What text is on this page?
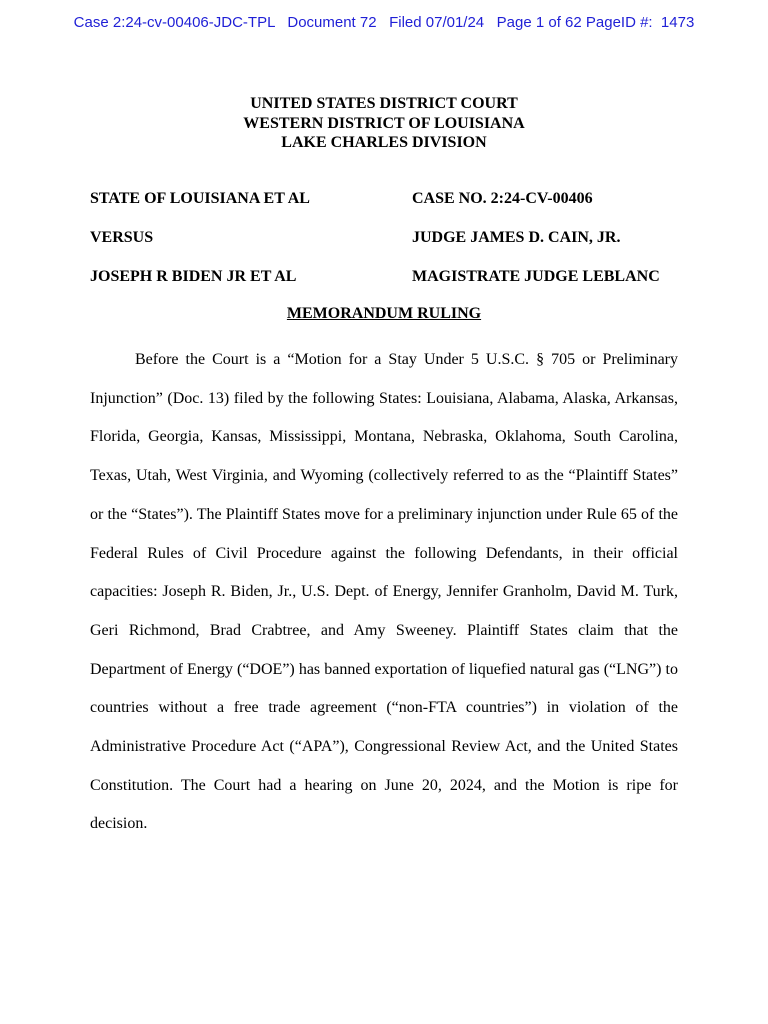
Case 2:24-cv-00406-JDC-TPL   Document 72   Filed 07/01/24   Page 1 of 62 PageID #:  1473
UNITED STATES DISTRICT COURT
WESTERN DISTRICT OF LOUISIANA
LAKE CHARLES DIVISION
STATE OF LOUISIANA ET AL	CASE NO. 2:24-CV-00406
VERSUS	JUDGE JAMES D. CAIN, JR.
JOSEPH R BIDEN JR ET AL	MAGISTRATE JUDGE LEBLANC
MEMORANDUM RULING

Before the Court is a “Motion for a Stay Under 5 U.S.C. § 705 or Preliminary Injunction” (Doc. 13) filed by the following States: Louisiana, Alabama, Alaska, Arkansas, Florida, Georgia, Kansas, Mississippi, Montana, Nebraska, Oklahoma, South Carolina, Texas, Utah, West Virginia, and Wyoming (collectively referred to as the “Plaintiff States” or the “States”). The Plaintiff States move for a preliminary injunction under Rule 65 of the Federal Rules of Civil Procedure against the following Defendants, in their official capacities: Joseph R. Biden, Jr., U.S. Dept. of Energy, Jennifer Granholm, David M. Turk, Geri Richmond, Brad Crabtree, and Amy Sweeney. Plaintiff States claim that the Department of Energy (“DOE”) has banned exportation of liquefied natural gas (“LNG”) to countries without a free trade agreement (“non-FTA countries”) in violation of the Administrative Procedure Act (“APA”), Congressional Review Act, and the United States Constitution. The Court had a hearing on June 20, 2024, and the Motion is ripe for decision.
